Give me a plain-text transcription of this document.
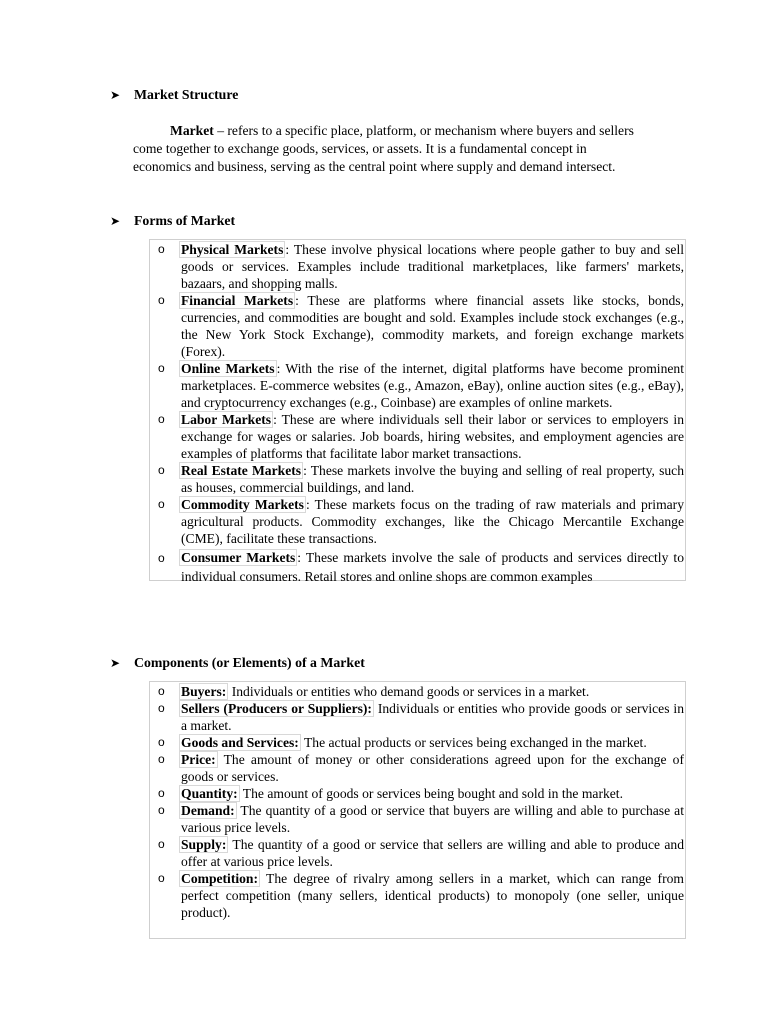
➤ Market Structure
Market – refers to a specific place, platform, or mechanism where buyers and sellers come together to exchange goods, services, or assets. It is a fundamental concept in economics and business, serving as the central point where supply and demand intersect.
➤ Forms of Market
o Physical Markets : These involve physical locations where people gather to buy and sell goods or services. Examples include traditional marketplaces, like farmers' markets, bazaars, and shopping malls.
o Financial Markets : These are platforms where financial assets like stocks, bonds, currencies, and commodities are bought and sold. Examples include stock exchanges (e.g., the New York Stock Exchange), commodity markets, and foreign exchange markets (Forex).
o Online Markets : With the rise of the internet, digital platforms have become prominent marketplaces. E-commerce websites (e.g., Amazon, eBay), online auction sites (e.g., eBay), and cryptocurrency exchanges (e.g., Coinbase) are examples of online markets.
o Labor Markets : These are where individuals sell their labor or services to employers in exchange for wages or salaries. Job boards, hiring websites, and employment agencies are examples of platforms that facilitate labor market transactions.
o Real Estate Markets : These markets involve the buying and selling of real property, such as houses, commercial buildings, and land.
o Commodity Markets : These markets focus on the trading of raw materials and primary agricultural products. Commodity exchanges, like the Chicago Mercantile Exchange (CME), facilitate these transactions.
o Consumer Markets : These markets involve the sale of products and services directly to individual consumers. Retail stores and online shops are common examples
➤ Components (or Elements) of a Market
o Buyers: Individuals or entities who demand goods or services in a market.
o Sellers (Producers or Suppliers): Individuals or entities who provide goods or services in a market.
o Goods and Services: The actual products or services being exchanged in the market.
o Price: The amount of money or other considerations agreed upon for the exchange of goods or services.
o Quantity: The amount of goods or services being bought and sold in the market.
o Demand: The quantity of a good or service that buyers are willing and able to purchase at various price levels.
o Supply: The quantity of a good or service that sellers are willing and able to produce and offer at various price levels.
o Competition: The degree of rivalry among sellers in a market, which can range from perfect competition (many sellers, identical products) to monopoly (one seller, unique product).
